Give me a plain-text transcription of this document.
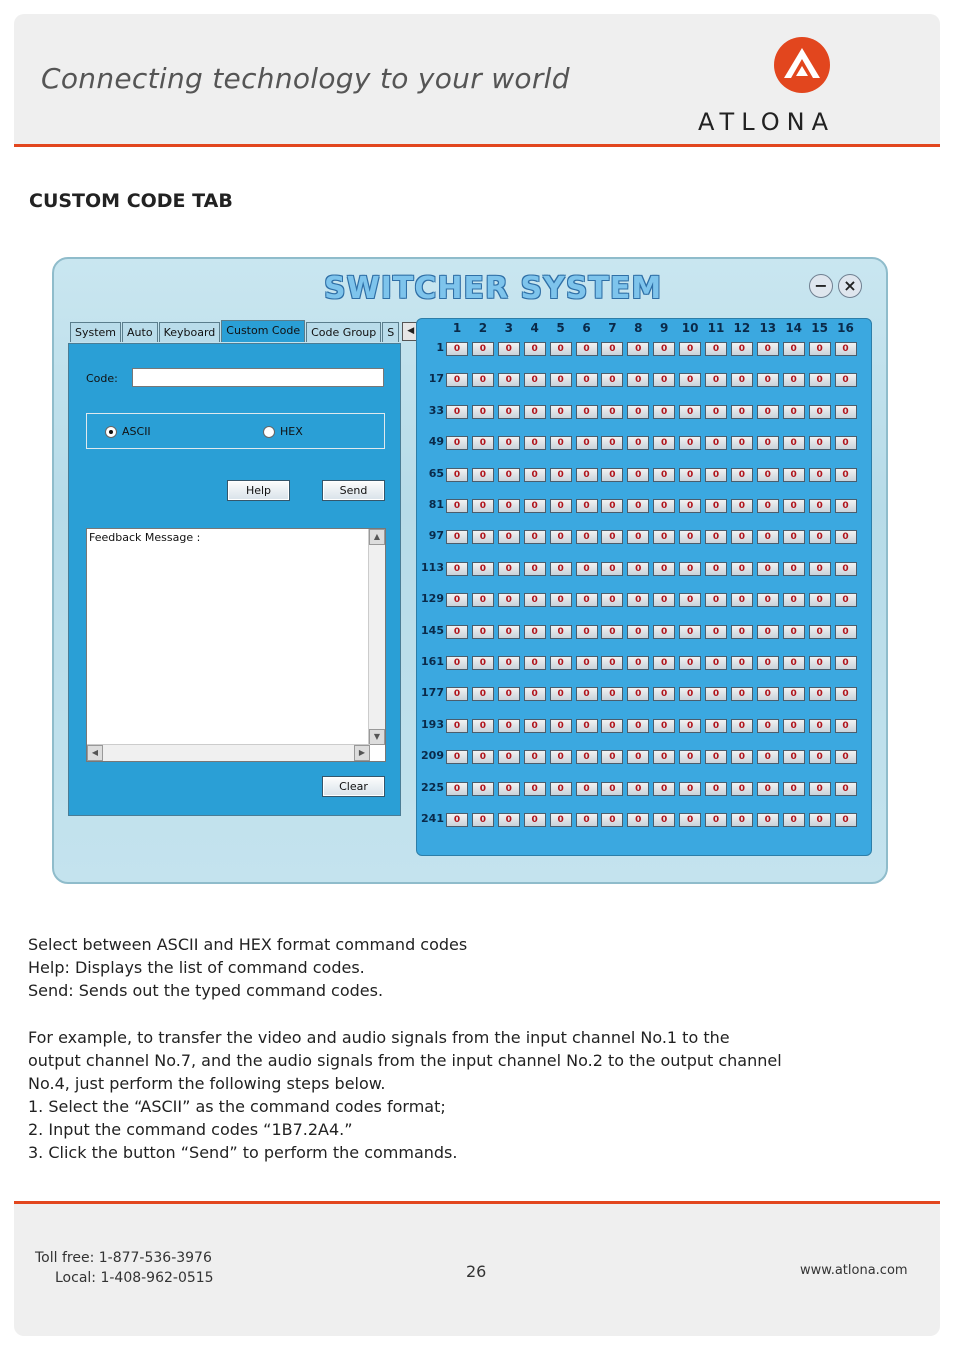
Connecting technology to your world
ATLONA
CUSTOM CODE TAB
SWITCHER SYSTEM	− ×
System	Auto	Keyboard	Custom Code	Code Group	S	◀
Code:
ASCII	HEX
Help	Send
Feedback Message :	▲
▼
◀	▶
Clear
1	2	3	4	5	6	7	8	9	10 11 12 13 14 15 16
1	0	0	0	0	0	0	0	0	0	0	0	0	0	0	0	0
17	0	0	0	0	0	0	0	0	0	0	0	0	0	0	0	0
33	0	0	0	0	0	0	0	0	0	0	0	0	0	0	0	0
49	0	0	0	0	0	0	0	0	0	0	0	0	0	0	0	0
65	0	0	0	0	0	0	0	0	0	0	0	0	0	0	0	0
81	0	0	0	0	0	0	0	0	0	0	0	0	0	0	0	0
97	0	0	0	0	0	0	0	0	0	0	0	0	0	0	0	0
113	0	0	0	0	0	0	0	0	0	0	0	0	0	0	0	0
129	0	0	0	0	0	0	0	0	0	0	0	0	0	0	0	0
145	0	0	0	0	0	0	0	0	0	0	0	0	0	0	0	0
161	0	0	0	0	0	0	0	0	0	0	0	0	0	0	0	0
177	0	0	0	0	0	0	0	0	0	0	0	0	0	0	0	0
193	0	0	0	0	0	0	0	0	0	0	0	0	0	0	0	0
209	0	0	0	0	0	0	0	0	0	0	0	0	0	0	0	0
225	0	0	0	0	0	0	0	0	0	0	0	0	0	0	0	0
241	0	0	0	0	0	0	0	0	0	0	0	0	0	0	0	0
Select between ASCII and HEX format command codes
Help: Displays the list of command codes.
Send: Sends out the typed command codes.
For example, to transfer the video and audio signals from the input channel No.1 to the
output channel No.7, and the audio signals from the input channel No.2 to the output channel
No.4, just perform the following steps below.
1. Select the “ASCII” as the command codes format;
2. Input the command codes “1B7.2A4.”
3. Click the button “Send” to perform the commands.
Toll free: 1-877-536-3976
Local: 1-408-962-0515	26	www.atlona.com
